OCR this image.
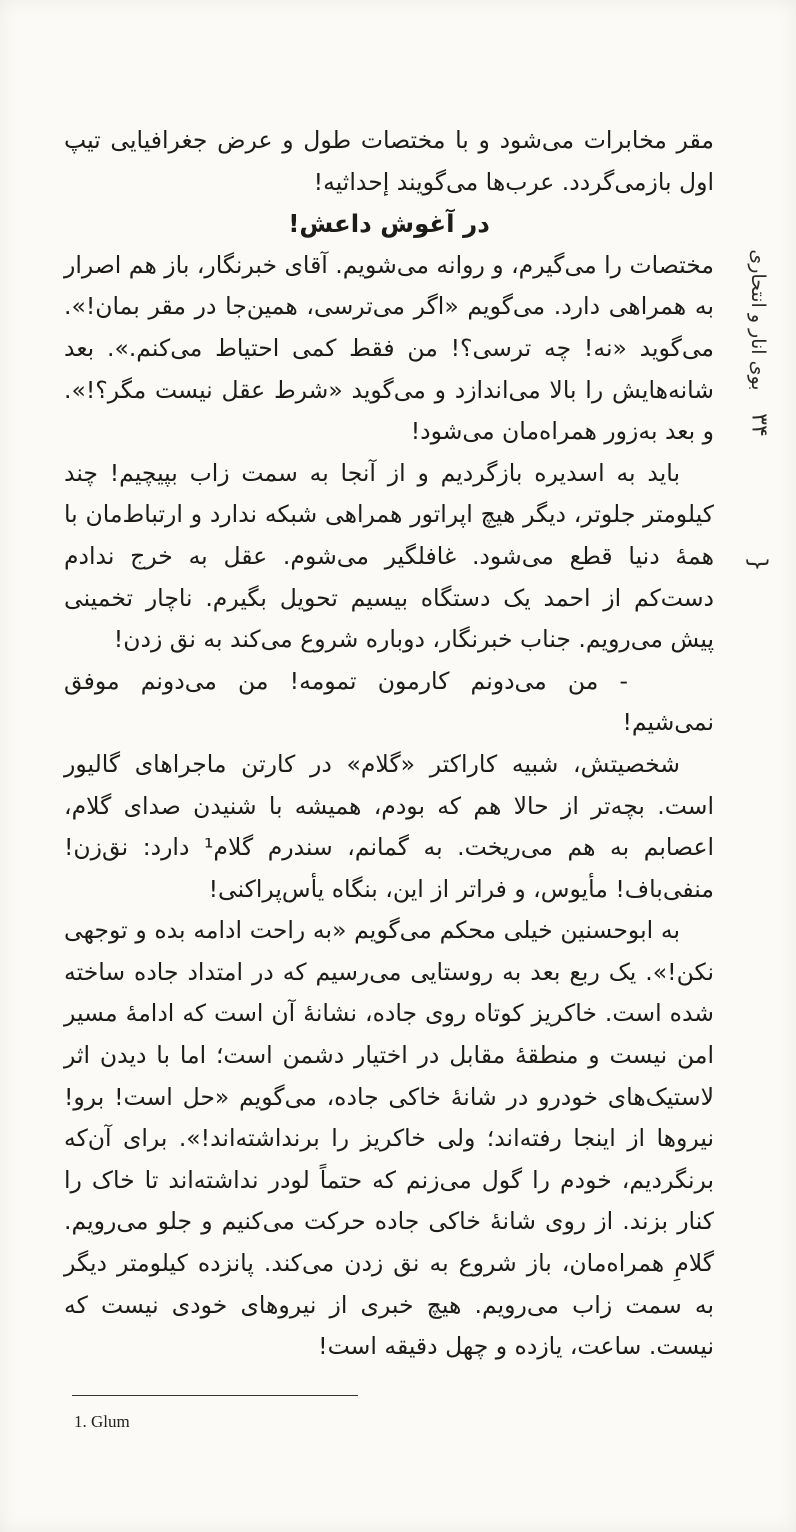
بوی انار و انتحاری
{
۳۴

مقر مخابرات می‌شود و با مختصات طول و عرض جغرافیایی تیپ اول بازمی‌گردد. عرب‌ها می‌گویند إحداثیه!

در آغوش داعش!

مختصات را می‌گیرم، و روانه می‌شویم. آقای خبرنگار، باز هم اصرار به همراهی دارد. می‌گویم «اگر می‌ترسی، همین‌جا در مقر بمان!». می‌گوید «نه! چه ترسی؟! من فقط کمی احتیاط می‌کنم.». بعد شانه‌هایش را بالا می‌اندازد و می‌گوید «شرط عقل نیست مگر؟!». و بعد به‌زور همراه‌مان می‌شود!

باید به اسدیره بازگردیم و از آنجا به سمت زاب بپیچیم! چند کیلومتر جلوتر، دیگر هیچ اپراتور همراهی شبکه ندارد و ارتباط‌مان با همهٔ دنیا قطع می‌شود. غافلگیر می‌شوم. عقل به خرج ندادم دست‌کم از احمد یک دستگاه بیسیم تحویل بگیرم. ناچار تخمینی پیش می‌رویم. جناب خبرنگار، دوباره شروع می‌کند به نق زدن!

- من می‌دونم کارمون تمومه! من می‌دونم موفق نمی‌شیم!

شخصیتش، شبیه کاراکتر «گلام» در کارتن ماجراهای گالیور است. بچه‌تر از حالا هم که بودم، همیشه با شنیدن صدای گلام، اعصابم به هم می‌ریخت. به گمانم، سندرم گلام¹ دارد: نق‌زن! منفی‌باف! مأیوس، و فراتر از این، بنگاه یأس‌پراکنی!

به ابوحسنین خیلی محکم می‌گویم «به راحت ادامه بده و توجهی نکن!». یک ربع بعد به روستایی می‌رسیم که در امتداد جاده ساخته شده است. خاکریز کوتاه روی جاده، نشانهٔ آن است که ادامهٔ مسیر امن نیست و منطقهٔ مقابل در اختیار دشمن است؛ اما با دیدن اثر لاستیک‌های خودرو در شانهٔ خاکی جاده، می‌گویم «حل است! برو! نیروها از اینجا رفته‌اند؛ ولی خاکریز را برنداشته‌اند!». برای آن‌که برنگردیم، خودم را گول می‌زنم که حتماً لودر نداشته‌اند تا خاک را کنار بزند. از روی شانهٔ خاکی جاده حرکت می‌کنیم و جلو می‌رویم. گلامِ همراه‌مان، باز شروع به نق زدن می‌کند. پانزده کیلومتر دیگر به سمت زاب می‌رویم. هیچ خبری از نیروهای خودی نیست که نیست. ساعت، یازده و چهل دقیقه است!

1. Glum
